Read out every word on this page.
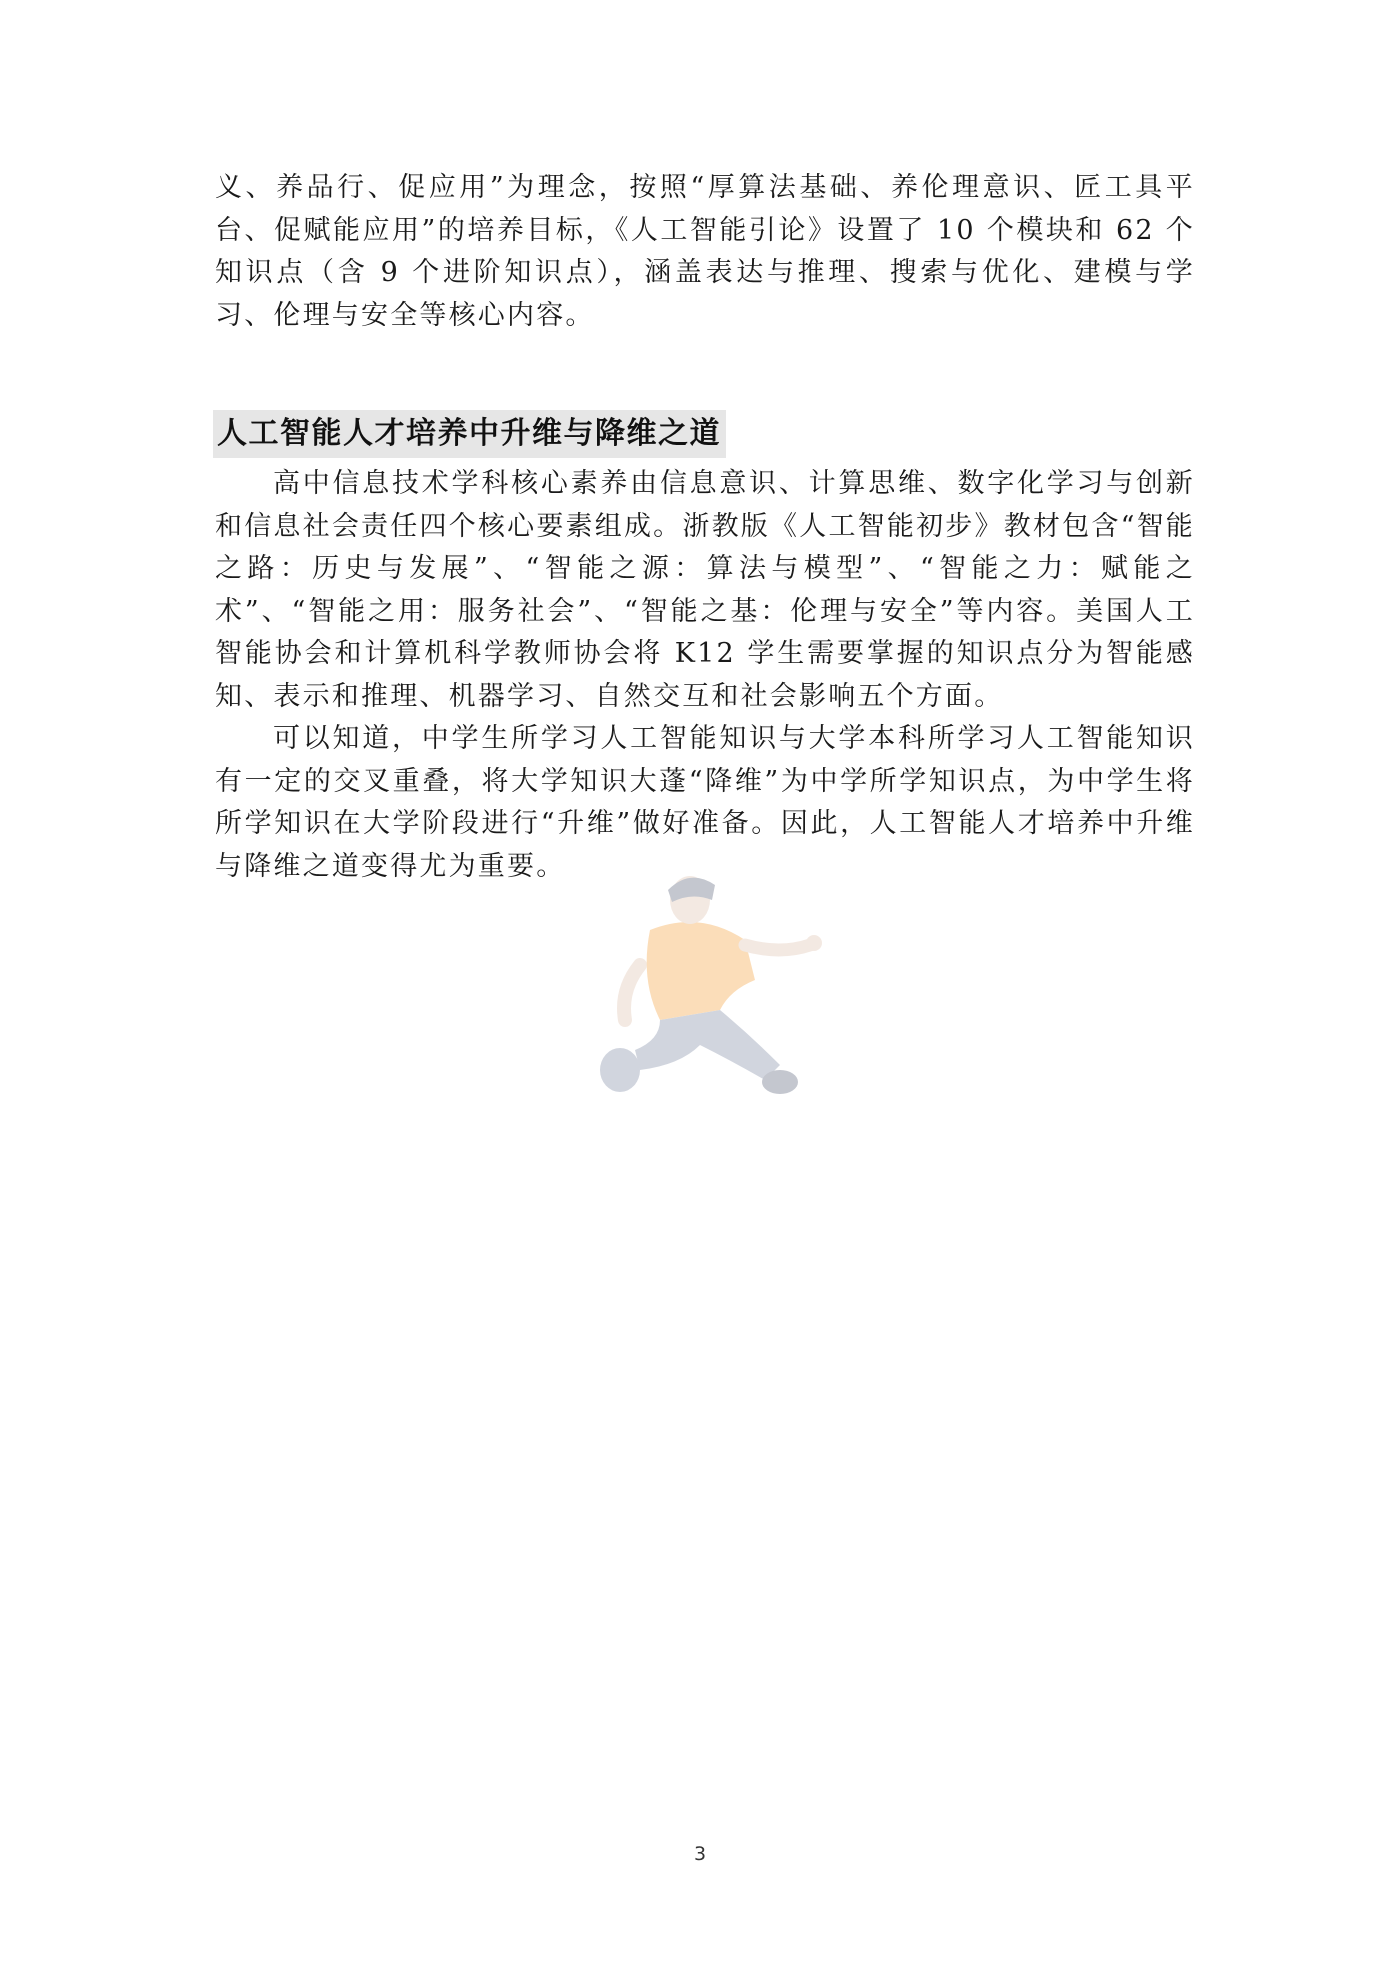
义、养品行、促应用”为理念，按照“厚算法基础、养伦理意识、匠工具平台、促赋能应用”的培养目标，《人工智能引论》设置了 10 个模块和 62 个知识点（含 9 个进阶知识点），涵盖表达与推理、搜索与优化、建模与学习、伦理与安全等核心内容。

人工智能人才培养中升维与降维之道

高中信息技术学科核心素养由信息意识、计算思维、数字化学习与创新和信息社会责任四个核心要素组成。浙教版《人工智能初步》教材包含“智能之路：历史与发展”、“智能之源：算法与模型”、“智能之力：赋能之术”、“智能之用：服务社会”、“智能之基：伦理与安全”等内容。美国人工智能协会和计算机科学教师协会将 K12 学生需要掌握的知识点分为智能感知、表示和推理、机器学习、自然交互和社会影响五个方面。

可以知道，中学生所学习人工智能知识与大学本科所学习人工智能知识有一定的交叉重叠，将大学知识大蓬“降维”为中学所学知识点，为中学生将所学知识在大学阶段进行“升维”做好准备。因此，人工智能人才培养中升维与降维之道变得尤为重要。

3
